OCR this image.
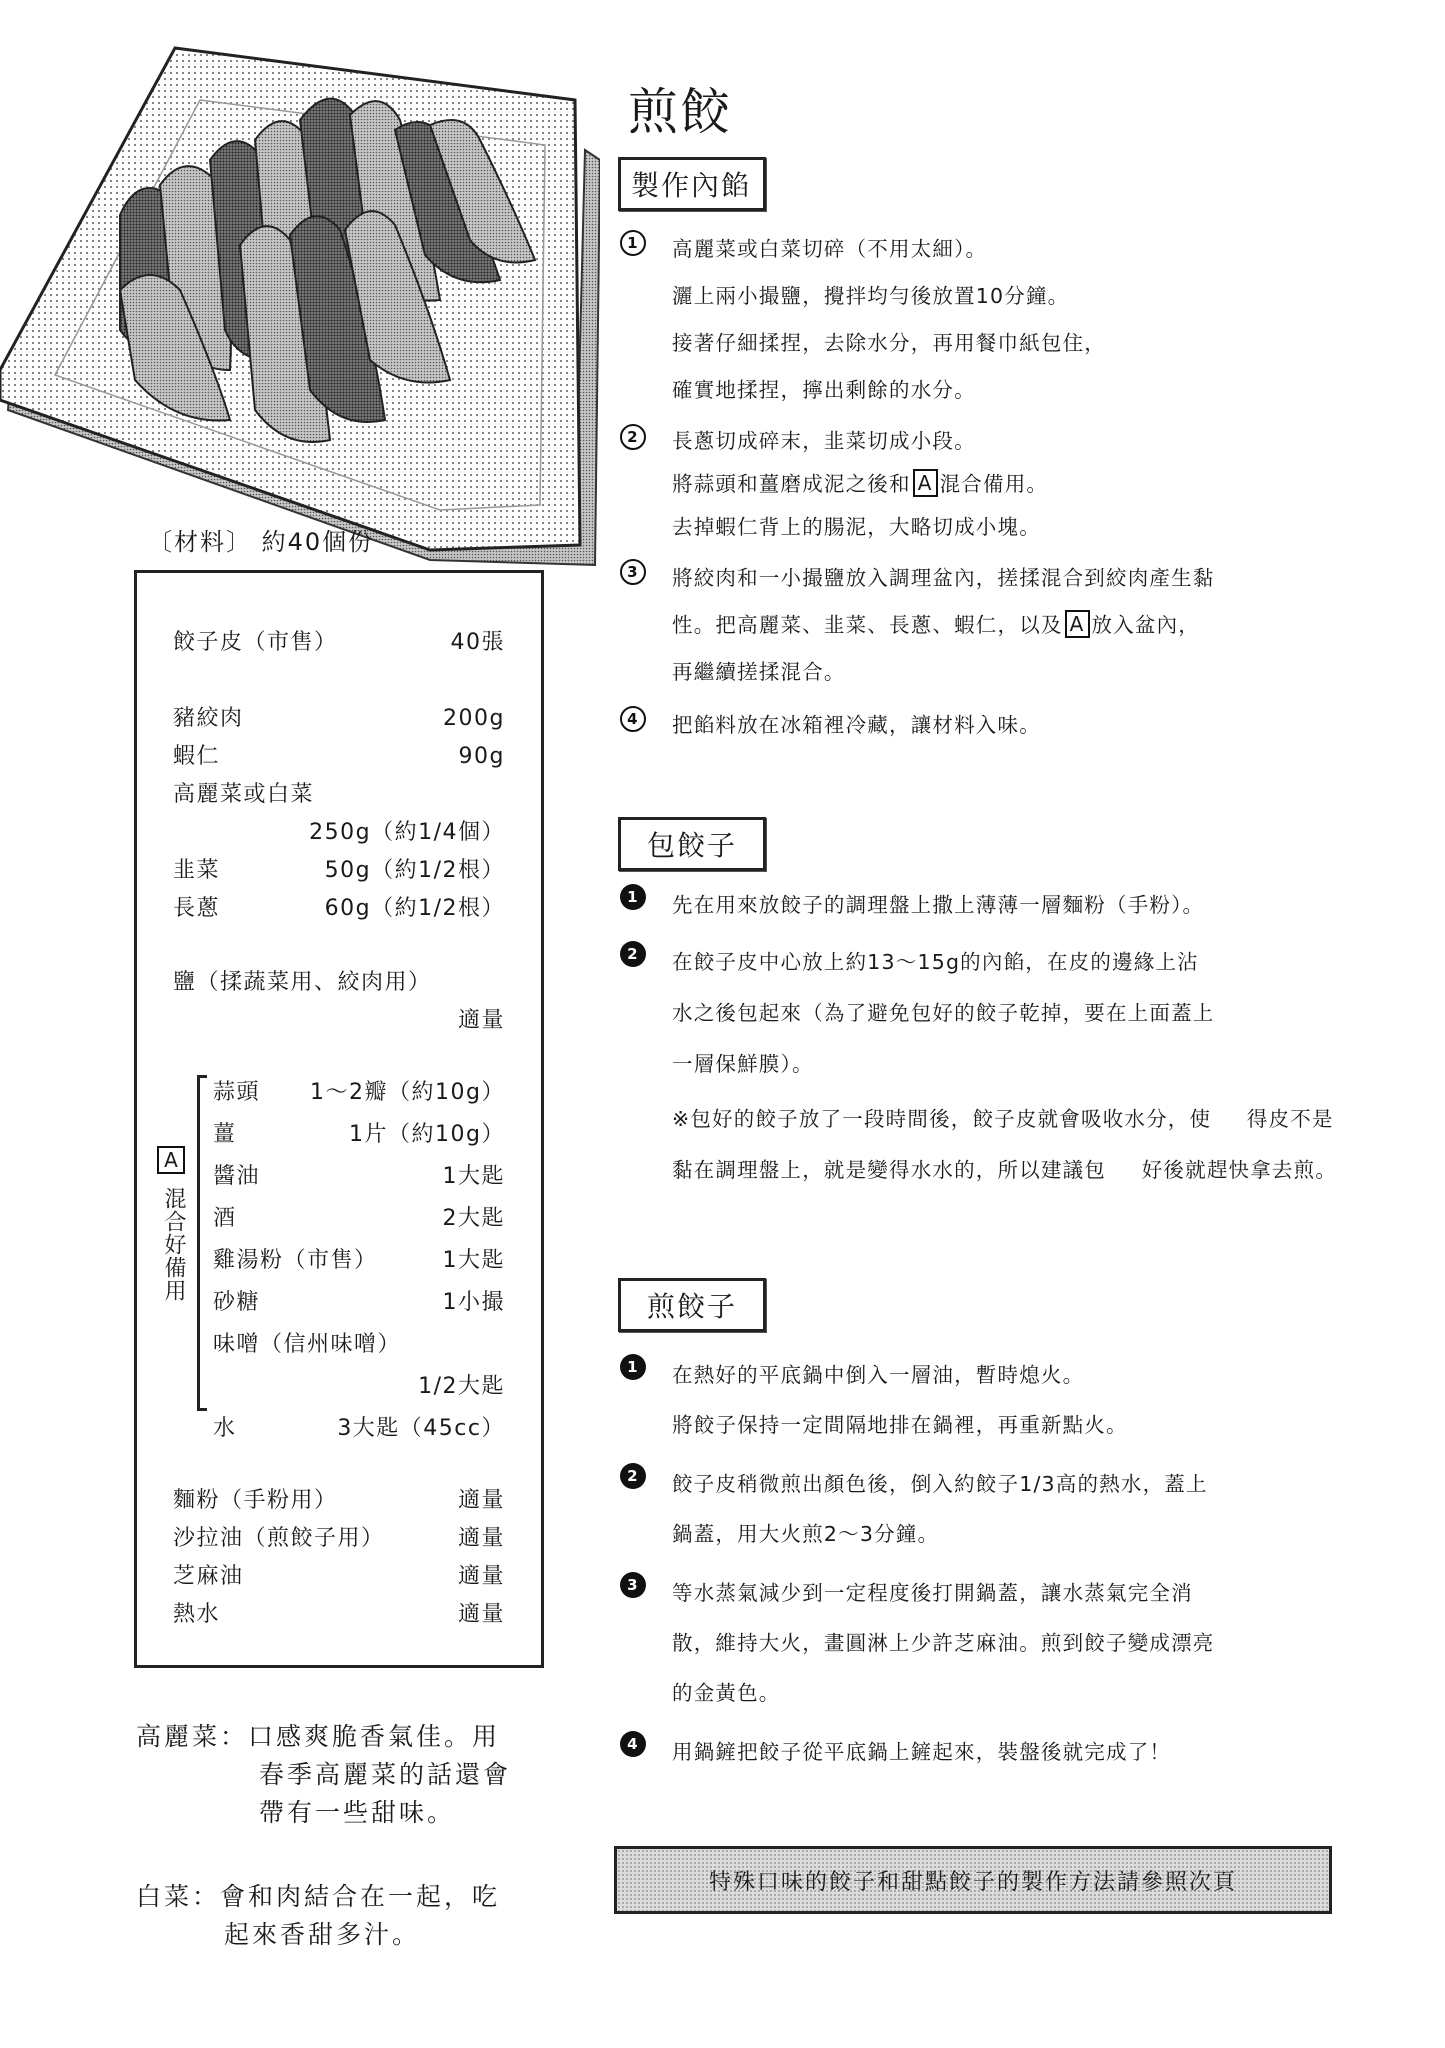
煎餃
製作內餡
1	高麗菜或白菜切碎（不用太細）。
灑上兩小撮鹽，攪拌均勻後放置10分鐘。
接著仔細揉捏，去除水分，再用餐巾紙包住，
確實地揉捏，擰出剩餘的水分。
2	長蔥切成碎末，韭菜切成小段。
將蒜頭和薑磨成泥之後和 A 混合備用。
去掉蝦仁背上的腸泥，大略切成小塊。
3	將絞肉和一小撮鹽放入調理盆內，搓揉混合到絞肉產生黏
性。把高麗菜、韭菜、長蔥、蝦仁，以及 A 放入盆內，
再繼續搓揉混合。
4	把餡料放在冰箱裡冷藏，讓材料入味。
包餃子
1	先在用來放餃子的調理盤上撒上薄薄一層麵粉（手粉）。
2	在餃子皮中心放上約13～15g的內餡，在皮的邊緣上沾
水之後包起來（為了避免包好的餃子乾掉，要在上面蓋上
一層保鮮膜）。
※包好的餃子放了一段時間後，餃子皮就會吸收水分，使 得皮不是黏在調理盤上，就是變得水水的，所以建議包 好後就趕快拿去煎。
煎餃子
1	在熱好的平底鍋中倒入一層油，暫時熄火。
將餃子保持一定間隔地排在鍋裡，再重新點火。
2	餃子皮稍微煎出顏色後，倒入約餃子1/3高的熱水，蓋上
鍋蓋，用大火煎2～3分鐘。
3	等水蒸氣減少到一定程度後打開鍋蓋，讓水蒸氣完全消
散，維持大火，畫圓淋上少許芝麻油。煎到餃子變成漂亮
的金黃色。
4	用鍋鏟把餃子從平底鍋上鏟起來，裝盤後就完成了！
特殊口味的餃子和甜點餃子的製作方法請參照次頁
〔材料〕 約40個份
餃子皮（市售）	40張
豬絞肉	200g
蝦仁	90g
高麗菜或白菜
250g（約1/4個）
韭菜	50g（約1/2根）
長蔥	60g（約1/2根）
鹽（揉蔬菜用、絞肉用）
適量
A
混合好備用
蒜頭 1～2瓣（約10g）
薑	1片（約10g）
醬油	1大匙
酒	2大匙
雞湯粉（市售）	1大匙
砂糖	1小撮
味噌（信州味噌）
1/2大匙
水	3大匙（45cc）
麵粉（手粉用）	適量
沙拉油（煎餃子用）	適量
芝麻油	適量
熱水	適量
高麗菜：口感爽脆香氣佳。用
春季高麗菜的話還會
帶有一些甜味。
白菜：會和肉結合在一起，吃
起來香甜多汁。
